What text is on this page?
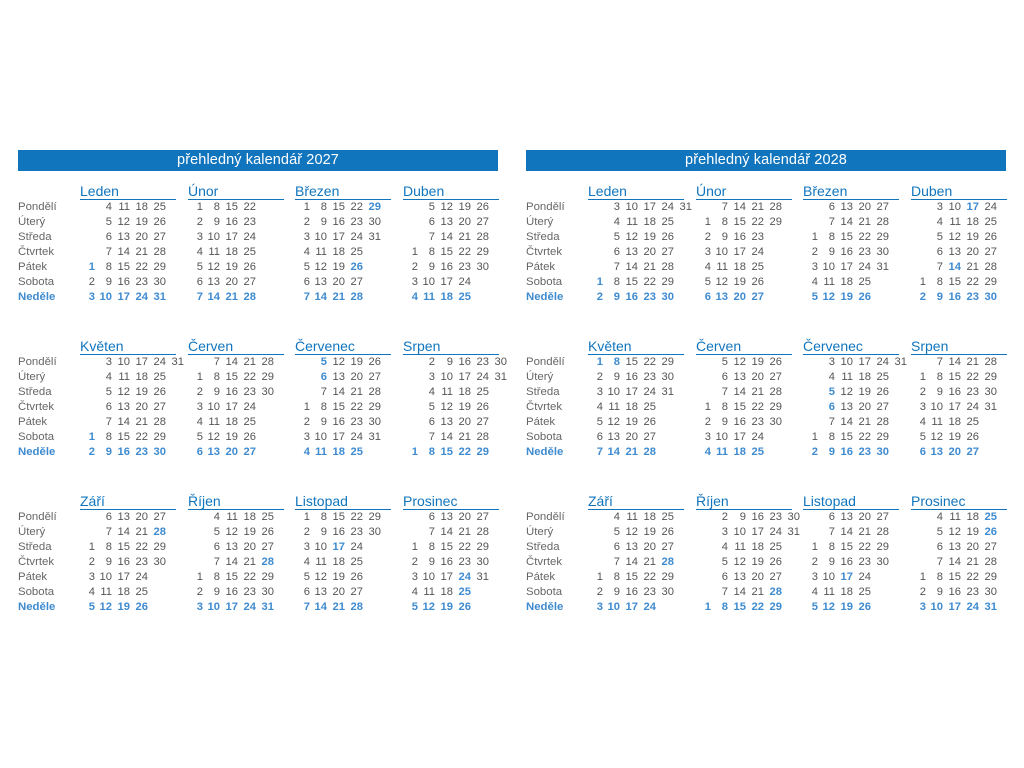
přehledný kalendář 2027
Pondělí
Úterý
Středa
Čtvrtek
Pátek
Sobota
Neděle
Leden
4 11 18 25
5 12 19 26
6 13 20 27
7 14 21 28
1 8 15 22 29
2 9 16 23 30
3 10 17 24 31
Únor
1 8 15 22
2 9 16 23
3 10 17 24
4 11 18 25
5 12 19 26
6 13 20 27
7 14 21 28
Březen
1 8 15 22 29
2 9 16 23 30
3 10 17 24 31
4 11 18 25
5 12 19 26
6 13 20 27
7 14 21 28
Duben
5 12 19 26
6 13 20 27
7 14 21 28
1 8 15 22 29
2 9 16 23 30
3 10 17 24
4 11 18 25
Pondělí
Úterý
Středa
Čtvrtek
Pátek
Sobota
Neděle
Květen
3 10 17 24 31
4 11 18 25
5 12 19 26
6 13 20 27
7 14 21 28
1 8 15 22 29
2 9 16 23 30
Červen
7 14 21 28
1 8 15 22 29
2 9 16 23 30
3 10 17 24
4 11 18 25
5 12 19 26
6 13 20 27
Červenec
5 12 19 26
6 13 20 27
7 14 21 28
1 8 15 22 29
2 9 16 23 30
3 10 17 24 31
4 11 18 25
Srpen
2	9 16 23 30
3 10 17 24 31
4 11 18 25
5 12 19 26
6 13 20 27
7 14 21 28
1 8 15 22 29
Pondělí
Úterý
Středa
Čtvrtek
Pátek
Sobota
Neděle
Září
6 13 20 27
7 14 21 28
1 8 15 22 29
2 9 16 23 30
3 10 17 24
4 11 18 25
5 12 19 26
Říjen
4 11 18 25
5 12 19 26
6 13 20 27
7 14 21 28
1 8 15 22 29
2 9 16 23 30
3 10 17 24 31
Listopad
1 8 15 22 29
2 9 16 23 30
3 10 17 24
4 11 18 25
5 12 19 26
6 13 20 27
7 14 21 28
Prosinec
6 13 20 27
7 14 21 28
1 8 15 22 29
2 9 16 23 30
3 10 17 24 31
4 11 18 25
5 12 19 26
přehledný kalendář 2028
Pondělí
Úterý
Středa
Čtvrtek
Pátek
Sobota
Neděle
Leden
3 10 17 24 31
4 11 18 25
5 12 19 26
6 13 20 27
7 14 21 28
1 8 15 22 29
2 9 16 23 30
Únor
7 14 21 28
1 8 15 22 29
2 9 16 23
3 10 17 24
4 11 18 25
5 12 19 26
6 13 20 27
Březen
6 13 20 27
7 14 21 28
1 8 15 22 29
2 9 16 23 30
3 10 17 24 31
4 11 18 25
5 12 19 26
Duben
3 10 17 24
4 11 18 25
5 12 19 26
6 13 20 27
7 14 21 28
1 8 15 22 29
2 9 16 23 30
Pondělí
Úterý
Středa
Čtvrtek
Pátek
Sobota
Neděle
Květen
1 8 15 22 29
2 9 16 23 30
3 10 17 24 31
4 11 18 25
5 12 19 26
6 13 20 27
7 14 21 28
Červen
5 12 19 26
6 13 20 27
7 14 21 28
1 8 15 22 29
2 9 16 23 30
3 10 17 24
4 11 18 25
Červenec
3 10 17 24 31
4 11 18 25
5 12 19 26
6 13 20 27
7 14 21 28
1 8 15 22 29
2 9 16 23 30
Srpen
7 14 21 28
1 8 15 22 29
2 9 16 23 30
3 10 17 24 31
4 11 18 25
5 12 19 26
6 13 20 27
Pondělí
Úterý
Středa
Čtvrtek
Pátek
Sobota
Neděle
Září
4 11 18 25
5 12 19 26
6 13 20 27
7 14 21 28
1 8 15 22 29
2 9 16 23 30
3 10 17 24
Říjen
2	9 16 23 30
3 10 17 24 31
4 11 18 25
5 12 19 26
6 13 20 27
7 14 21 28
1 8 15 22 29
Listopad
6 13 20 27
7 14 21 28
1 8 15 22 29
2 9 16 23 30
3 10 17 24
4 11 18 25
5 12 19 26
Prosinec
4 11 18 25
5 12 19 26
6 13 20 27
7 14 21 28
1 8 15 22 29
2 9 16 23 30
3 10 17 24 31
